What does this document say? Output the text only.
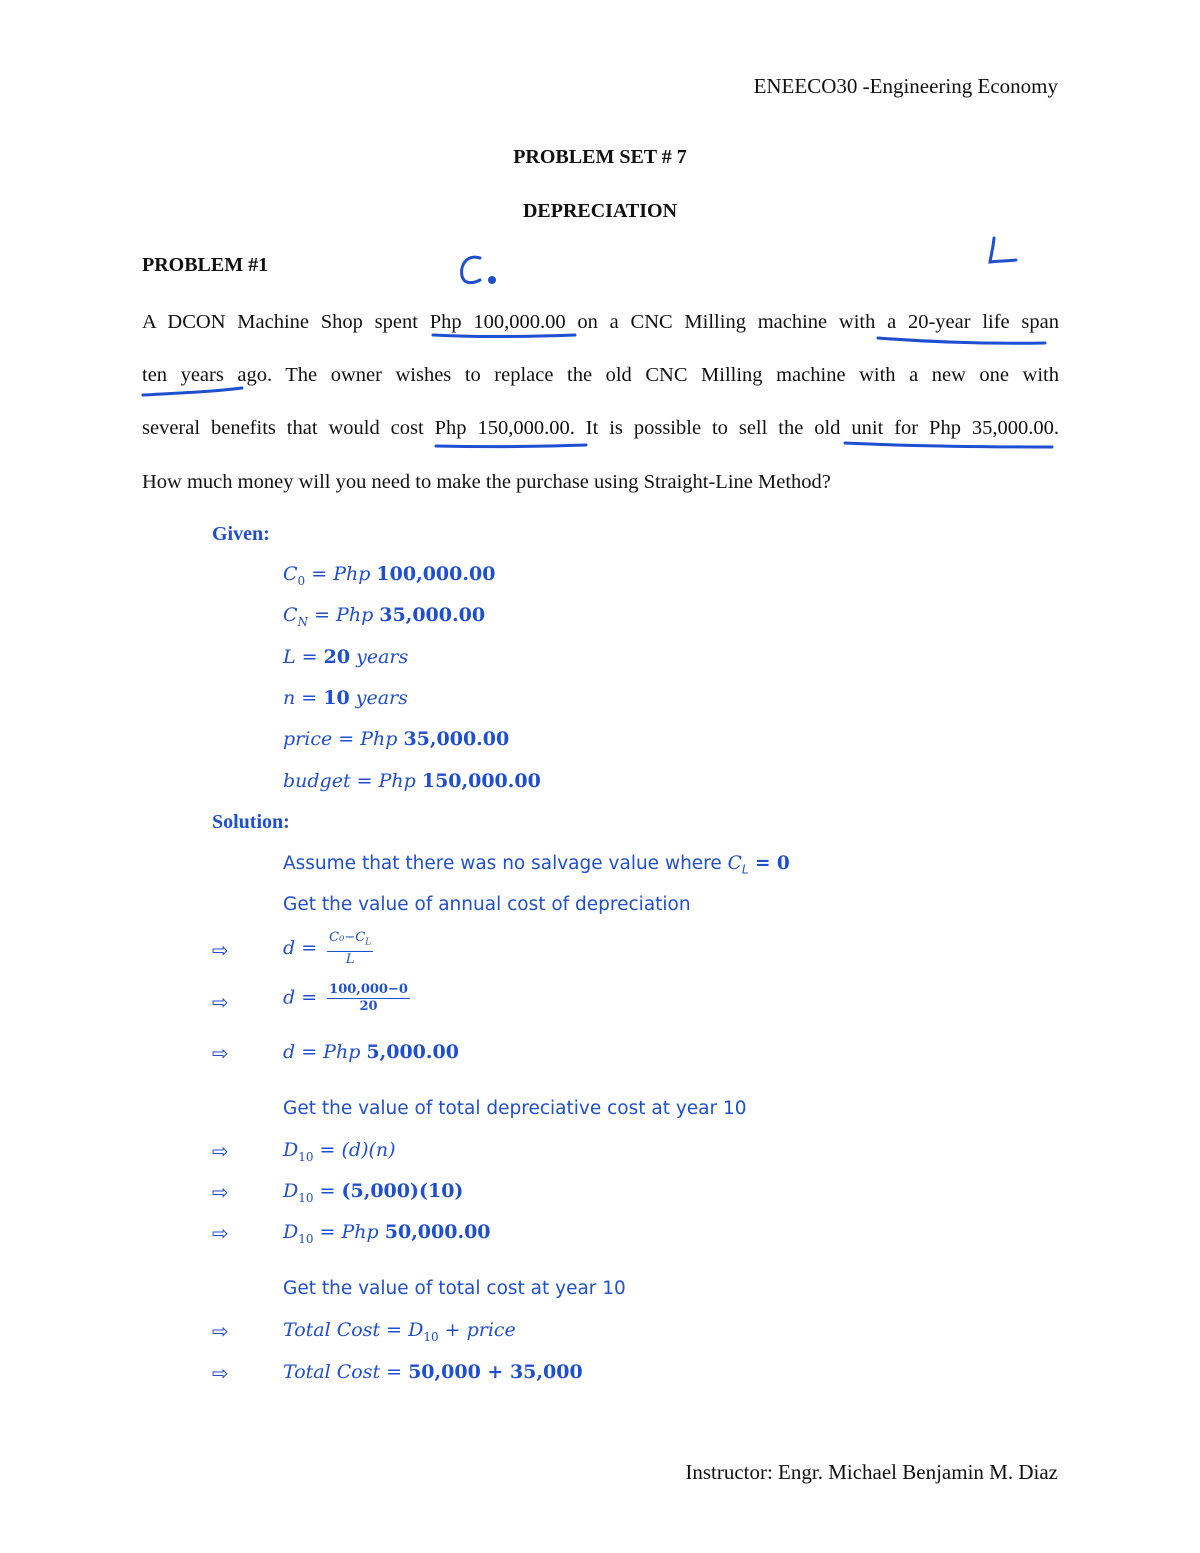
ENEECO30 -Engineering Economy
PROBLEM SET # 7
DEPRECIATION
PROBLEM #1
A DCON Machine Shop spent Php 100,000.00 on a CNC Milling machine with a 20-year life span
ten years ago. The owner wishes to replace the old CNC Milling machine with a new one with
several benefits that would cost Php 150,000.00. It is possible to sell the old unit for Php 35,000.00.
How much money will you need to make the purchase using Straight-Line Method?
Given:
$C_0$ = Php 100,000.00
$C_N$ = Php 35,000.00
L = 20 years
n = 10 years
price = Php 35,000.00
budget = Php 150,000.00
Solution:
Assume that there was no salvage value where $C_L = 0$
Get the value of annual cost of depreciation
⇨	$d = \frac{C_0-C_L}{L}$
⇨	$d = \frac{100,000-0}{20}$
⇨	d = Php 5,000.00
Get the value of total depreciative cost at year 10
⇨	$D_{10} = (d)(n)$
⇨	$D_{10} = (5,000)(10)$
⇨	$D_{10}$ = Php 50,000.00
Get the value of total cost at year 10
⇨	Total Cost = $D_{10}$ + price
⇨	Total Cost = 50,000 + 35,000
Instructor: Engr. Michael Benjamin M. Diaz
